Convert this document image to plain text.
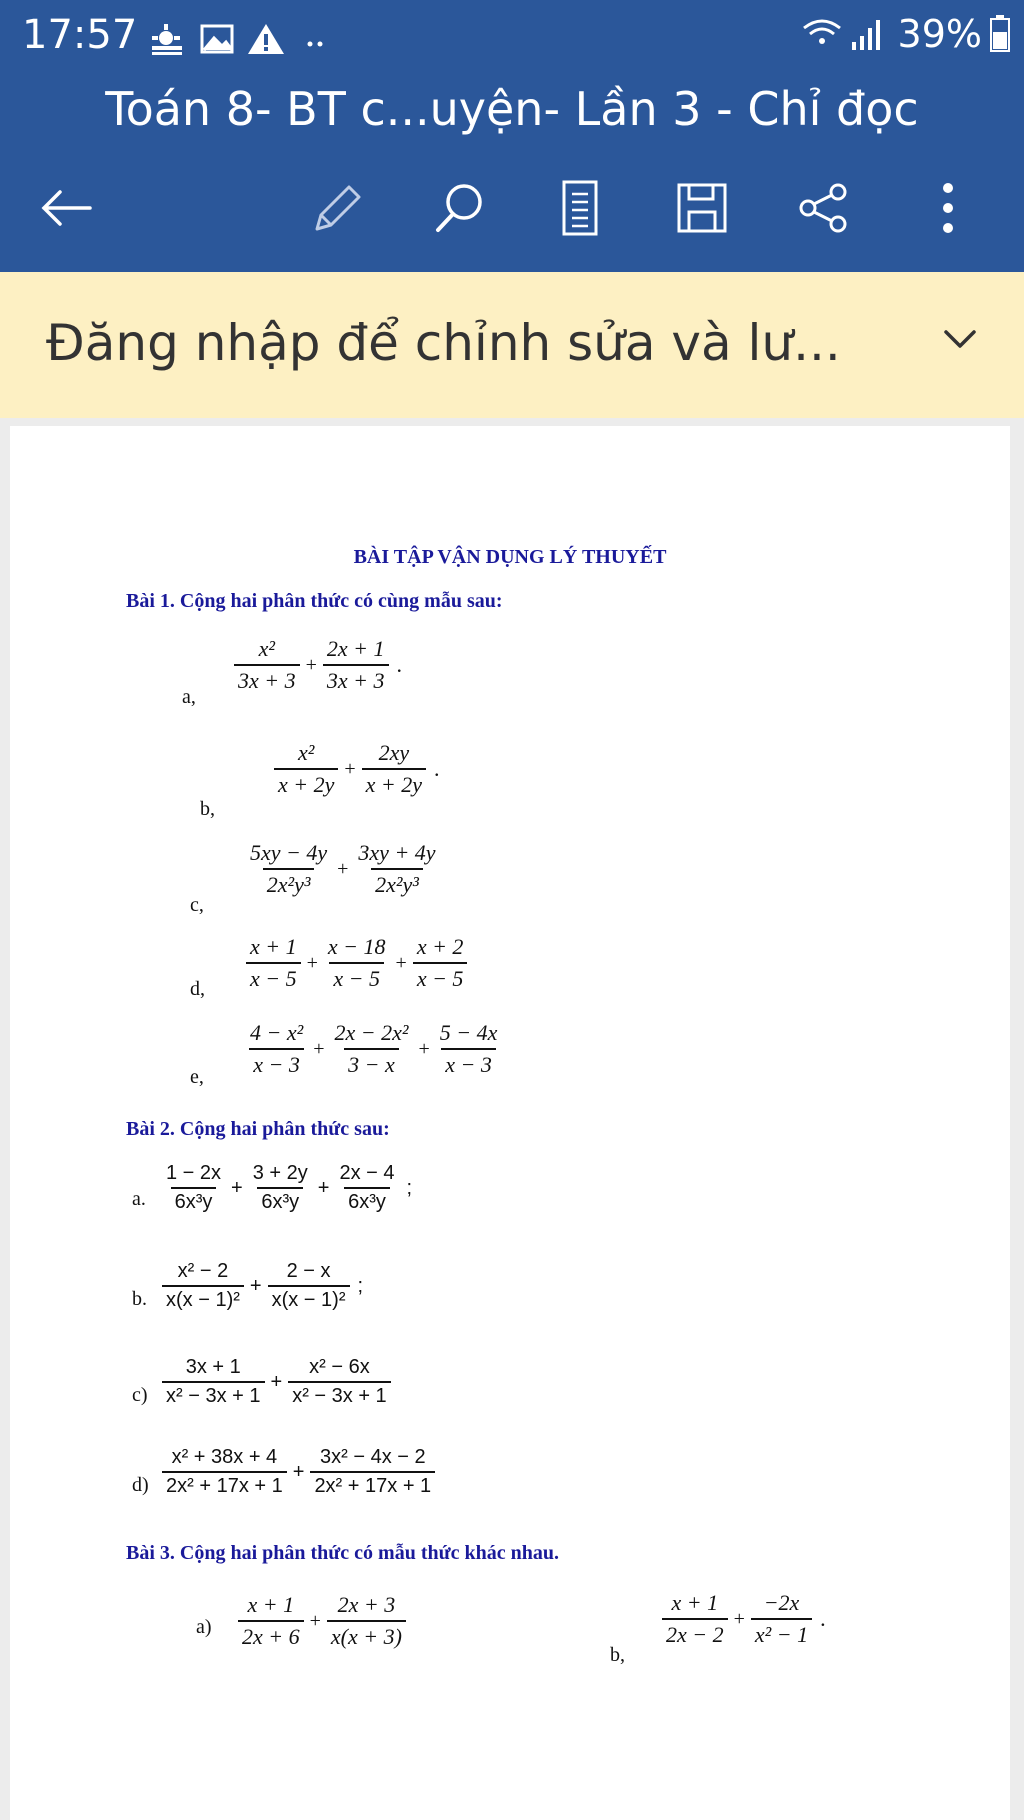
17:57	39%
Toán 8- BT c...uyện- Lần 3 - Chỉ đọc
Đăng nhập để chỉnh sửa và lư...
BÀI TẬP VẬN DỤNG LÝ THUYẾT
Bài 1. Cộng hai phân thức có cùng mẫu sau:
a,
$\frac{\text{x²}}{3x + 3} + \frac{2x + 1}{3x + 3}$ .
b,
$\frac{\text{x²}}{x + 2y} + \frac{2xy}{x + 2y}$ .
c,
$\frac{5xy - 4y}{\text{2x²y³}} + \frac{3xy + 4y}{\text{2x²y³}}$
d, $\frac{x + 1}{x - 5} + \frac{x - 18}{x - 5} + \frac{x + 2}{x - 5}$
e, $\frac{\text{4 − x²}}{x - 3} + \frac{\text{2x − 2x²}}{3 - x} + \frac{5 - 4x}{x - 3}$
Bài 2. Cộng hai phân thức sau:
a. $\frac{1 - 2x}{\text{6x³y}} + \frac{3 + 2y}{\text{6x³y}} + \frac{2x - 4}{\text{6x³y}}$ ;
b. $\frac{\text{x² − 2}}{\text{x(x − 1)²}} + \frac{2 - x}{\text{x(x − 1)²}}$ ;
$c) \frac{3x + 1}{\text{x² − 3x + 1}} + \frac{\text{x² − 6x}}{\text{x² − 3x + 1}}$
$d) \frac{\text{x² + 38x + 4}}{\text{2x² + 17x + 1}} + \frac{\text{3x² − 4x − 2}}{\text{2x² + 17x + 1}}$
Bài 3. Cộng hai phân thức có mẫu thức khác nhau.
$a) \frac{x + 1}{2x + 6} + \frac{2x + 3}{x(x + 3)}$
b,
$\frac{x + 1}{2x - 2} + \frac{-2x}{\text{x² − 1}}$ .
